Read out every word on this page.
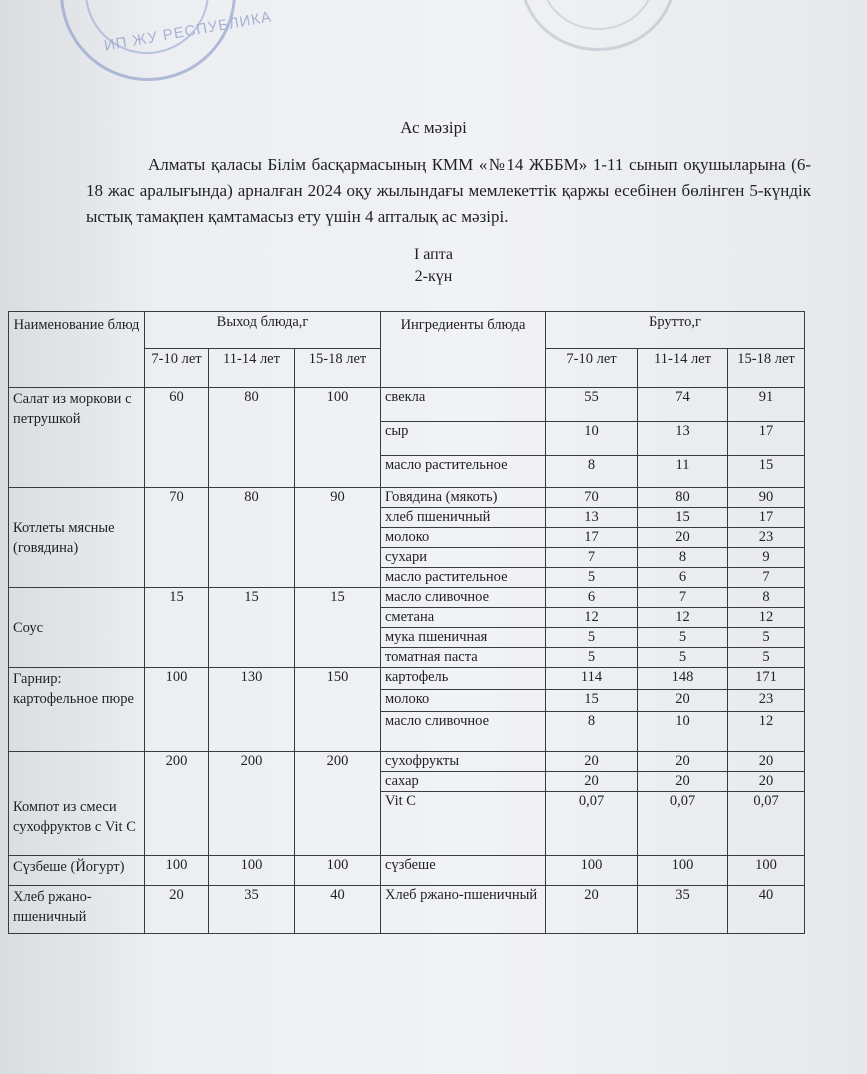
ИП ЖУ РЕСПУБЛИКА
Ас мәзірі
Алматы қаласы Білім басқармасының КММ «№14 ЖББМ» 1-11 сынып оқушыларына (6-18 жас аралығында) арналған 2024 оқу жылындағы мемлекеттік қаржы есебінен бөлінген 5-күндік ыстық тамақпен қамтамасыз ету үшін 4 апталық ас мәзірі.
I апта
2-күн
Наименование блюд	Выход блюда,г			Ингредиенты блюда	Брутто,г		
	7-10 лет	11-14 лет	15-18 лет		7-10 лет	11-14 лет	15-18 лет

Салат из моркови с петрушкой	60	80	100	свекла	55	74	91
				сыр	10	13	17
				масло растительное	8	11	15
Котлеты мясные (говядина)	70	80	90	Говядина (мякоть)	70	80	90
				хлеб пшеничный	13	15	17
				молоко	17	20	23
				сухари	7	8	9
				масло растительное	5	6	7
Соус	15	15	15	масло сливочное	6	7	8
				сметана	12	12	12
				мука пшеничная	5	5	5
				томатная паста	5	5	5
Гарнир: картофельное пюре	100	130	150	картофель	114	148	171
				молоко	15	20	23
				масло сливочное	8	10	12
Компот из смеси сухофруктов с Vit C	200	200	200	сухофрукты	20	20	20
				сахар	20	20	20
				Vit C	0,07	0,07	0,07
Сүзбеше (Йогурт)	100	100	100	сүзбеше	100	100	100
Хлеб ржано-пшеничный	20	35	40	Хлеб ржано-пшеничный	20	35	40
